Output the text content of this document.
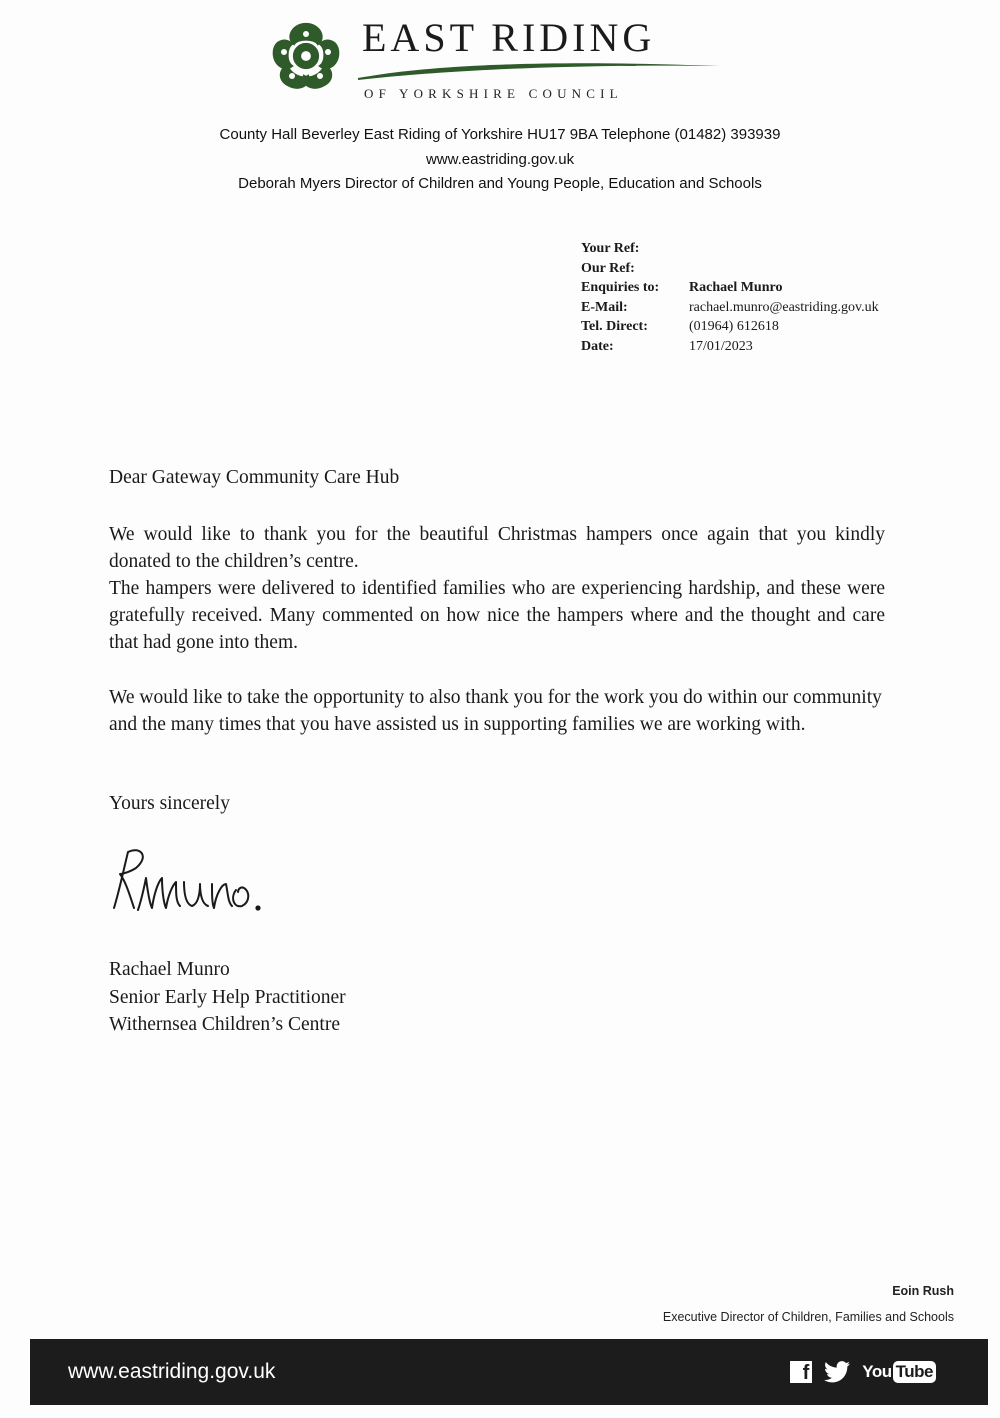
EAST RIDING
OF YORKSHIRE COUNCIL
County Hall Beverley East Riding of Yorkshire HU17 9BA Telephone (01482) 393939
www.eastriding.gov.uk
Deborah Myers Director of Children and Young People, Education and Schools
Your Ref:
Our Ref:
Enquiries to:	Rachael Munro
E-Mail:	rachael.munro@eastriding.gov.uk
Tel. Direct:	(01964) 612618
Date:	17/01/2023
Dear Gateway Community Care Hub
We would like to thank you for the beautiful Christmas hampers once again that you kindly donated to the children’s centre.
The hampers were delivered to identified families who are experiencing hardship, and these were gratefully received. Many commented on how nice the hampers where and the thought and care that had gone into them.
We would like to take the opportunity to also thank you for the work you do within our community and the many times that you have assisted us in supporting families we are working with.
Yours sincerely
Rachael Munro
Senior Early Help Practitioner
Withernsea Children’s Centre
Eoin Rush
Executive Director of Children, Families and Schools
www.eastriding.gov.uk	f	You Tube
